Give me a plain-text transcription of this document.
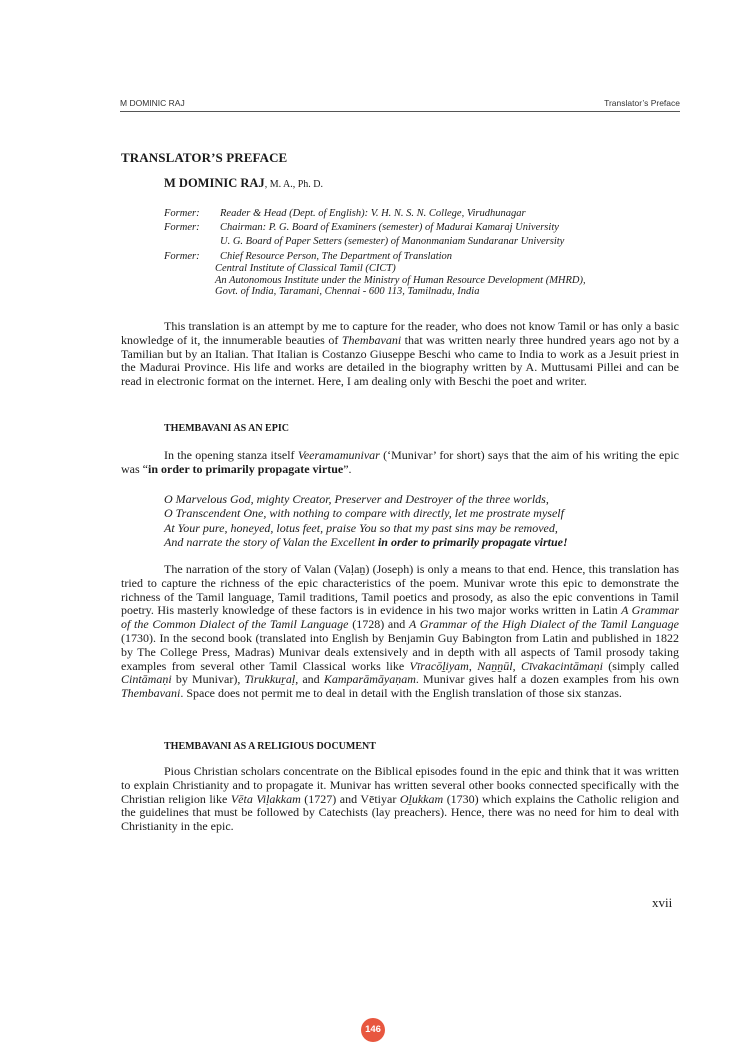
M DOMINIC RAJ	Translator’s Preface
TRANSLATOR’S PREFACE
M DOMINIC RAJ, M. A., Ph. D.
Former: Reader & Head (Dept. of English): V. H. N. S. N. College, Virudhunagar
Former: Chairman: P. G. Board of Examiners (semester) of Madurai Kamaraj University
U. G. Board of Paper Setters (semester) of Manonmaniam Sundaranar University
Former: Chief Resource Person, The Department of Translation
Central Institute of Classical Tamil (CICT)
An Autonomous Institute under the Ministry of Human Resource Development (MHRD),
Govt. of India, Taramani, Chennai - 600 113, Tamilnadu, India
This translation is an attempt by me to capture for the reader, who does not know Tamil or has only a basic knowledge of it, the innumerable beauties of Thembavani that was written nearly three hundred years ago not by a Tamilian but by an Italian. That Italian is Costanzo Giuseppe Beschi who came to India to work as a Jesuit priest in the Madurai Province. His life and works are detailed in the biography written by A. Muttusami Pillei and can be read in electronic format on the internet. Here, I am dealing only with Beschi the poet and writer.
THEMBAVANI AS AN EPIC
In the opening stanza itself Veeramamunivar (‘Munivar’ for short) says that the aim of his writing the epic was “in order to primarily propagate virtue”.
O Marvelous God, mighty Creator, Preserver and Destroyer of the three worlds,
O Transcendent One, with nothing to compare with directly, let me prostrate myself
At Your pure, honeyed, lotus feet, praise You so that my past sins may be removed,
And narrate the story of Valan the Excellent in order to primarily propagate virtue!
The narration of the story of Valan (Vaḷaṉ) (Joseph) is only a means to that end. Hence, this translation has tried to capture the richness of the epic characteristics of the poem. Munivar wrote this epic to demonstrate the richness of the Tamil language, Tamil traditions, Tamil poetics and prosody, as also the epic conventions in Tamil poetry. His masterly knowledge of these factors is in evidence in his two major works written in Latin A Grammar of the Common Dialect of the Tamil Language (1728) and A Grammar of the High Dialect of the Tamil Language (1730). In the second book (translated into English by Benjamin Guy Babington from Latin and published in 1822 by The College Press, Madras) Munivar deals extensively and in depth with all aspects of Tamil prosody taking examples from several other Tamil Classical works like Vīracōḻiyam, Naṉṉūl, Cīvakacintāmaṇi (simply called Cintāmaṇi by Munivar), Tirukkuṟaḷ, and Kamparāmāyaṇam. Munivar gives half a dozen examples from his own Thembavani. Space does not permit me to deal in detail with the English translation of those six stanzas.
THEMBAVANI AS A RELIGIOUS DOCUMENT
Pious Christian scholars concentrate on the Biblical episodes found in the epic and think that it was written to explain Christianity and to propagate it. Munivar has written several other books connected specifically with the Christian religion like Vēta Viḷakkam (1727) and Vētiyar Oḻukkam (1730) which explains the Catholic religion and the guidelines that must be followed by Catechists (lay preachers). Hence, there was no need for him to deal with Christianity in the epic.
xvii
146
